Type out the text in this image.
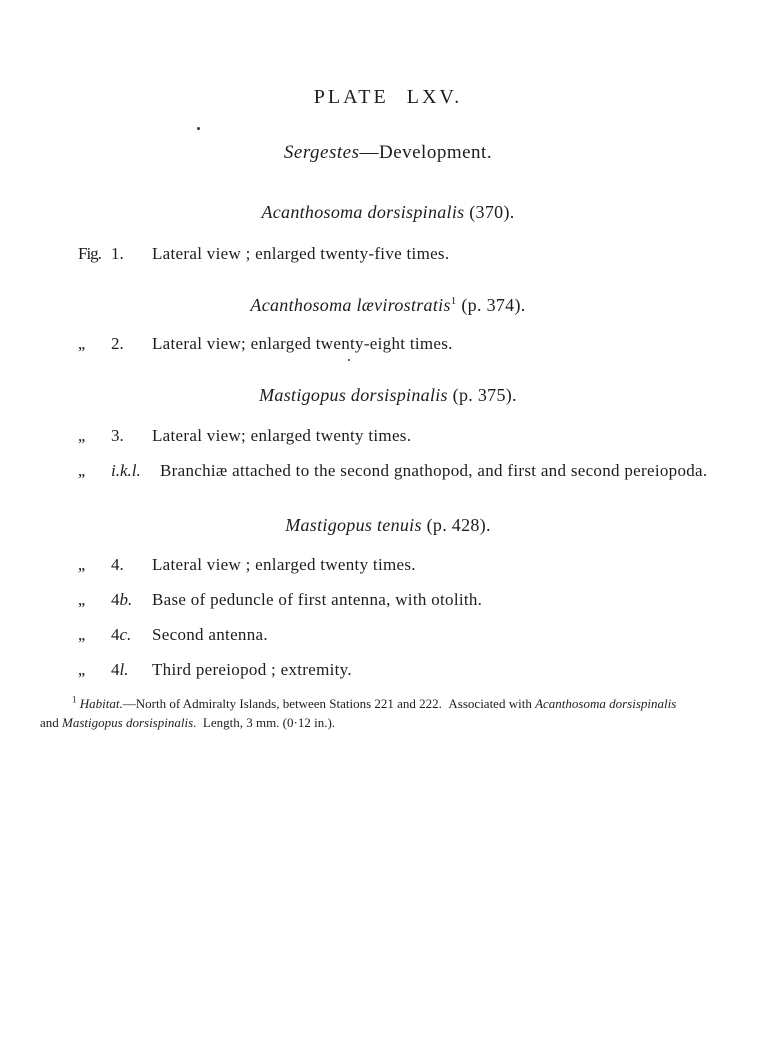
PLATE LXV.
Sergestes—Development.
Acanthosoma dorsispinalis (370).
Fig. 1.	Lateral view ; enlarged twenty-five times.
Acanthosoma lævirostratis$^1$ (p. 374).
,, 2.	Lateral view; enlarged twenty-eight times.
Mastigopus dorsispinalis (p. 375).
,, 3.	Lateral view; enlarged twenty times.
,, i.k.l.	Branchiæ attached to the second gnathopod, and first and second pereiopoda.
Mastigopus tenuis (p. 428).
,, 4.	Lateral view ; enlarged twenty times.
,, 4b.	Base of peduncle of first antenna, with otolith.
,, 4c.	Second antenna.
,, 4l.	Third pereiopod ; extremity.
$^1$ Habitat.—North of Admiralty Islands, between Stations 221 and 222. Associated with Acanthosoma dorsispinalis
and Mastigopus dorsispinalis. Length, 3 mm. (0·12 in.).
